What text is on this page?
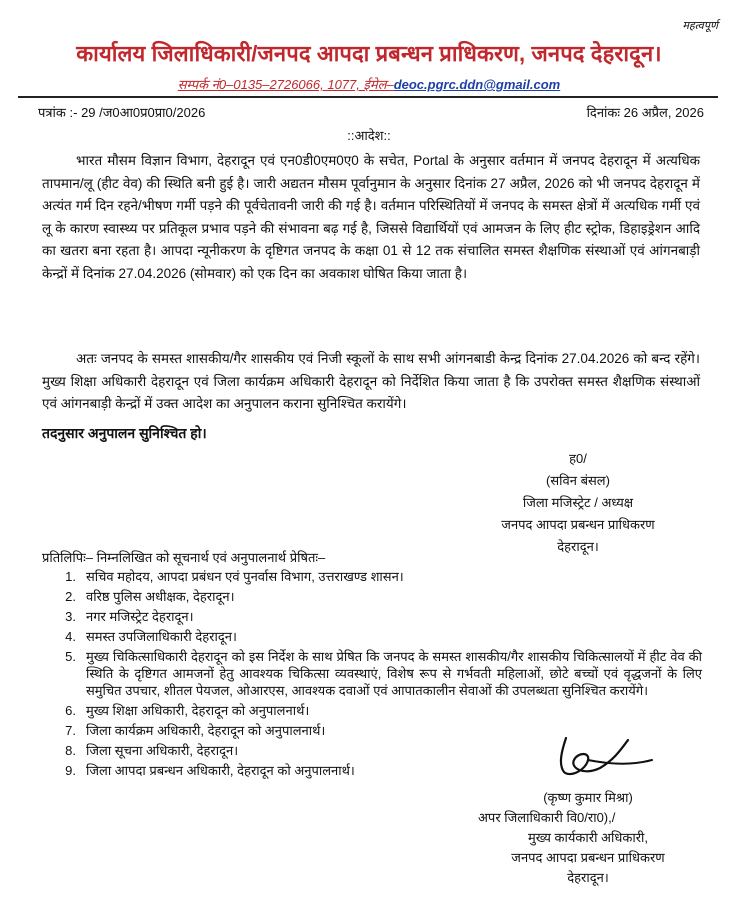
महत्वपूर्ण
कार्यालय जिलाधिकारी/जनपद आपदा प्रबन्धन प्राधिकरण, जनपद देहरादून।
सम्पर्क नं0–0135–2726066, 1077, ईमेल–deoc.pgrc.ddn@gmail.com
पत्रांक :- 29 /ज0आ0प्र0प्रा0/2026	दिनांकः 26 अप्रैल, 2026
::आदेश::

भारत मौसम विज्ञान विभाग, देहरादून एवं एन0डी0एम0ए0 के सचेत, Portal के अनुसार वर्तमान में जनपद देहरादून में अत्यधिक तापमान/लू (हीट वेव) की स्थिति बनी हुई है। जारी अद्यतन मौसम पूर्वानुमान के अनुसार दिनांक 27 अप्रैल, 2026 को भी जनपद देहरादून में अत्यंत गर्म दिन रहने/भीषण गर्मी पड़ने की पूर्वचेतावनी जारी की गई है। वर्तमान परिस्थितियों में जनपद के समस्त क्षेत्रों में अत्यधिक गर्मी एवं लू के कारण स्वास्थ्य पर प्रतिकूल प्रभाव पड़ने की संभावना बढ़ गई है, जिससे विद्यार्थियों एवं आमजन के लिए हीट स्ट्रोक, डिहाइड्रेशन आदि का खतरा बना रहता है। आपदा न्यूनीकरण के दृष्टिगत जनपद के कक्षा 01 से 12 तक संचालित समस्त शैक्षणिक संस्थाओं एवं आंगनबाड़ी केन्द्रों में दिनांक 27.04.2026 (सोमवार) को एक दिन का अवकाश घोषित किया जाता है।

अतः जनपद के समस्त शासकीय/गैर शासकीय एवं निजी स्कूलों के साथ सभी आंगनबाडी केन्द्र दिनांक 27.04.2026 को बन्द रहेंगे। मुख्य शिक्षा अधिकारी देहरादून एवं जिला कार्यक्रम अधिकारी देहरादून को निर्देशित किया जाता है कि उपरोक्त समस्त शैक्षणिक संस्थाओं एवं आंगनबाड़ी केन्द्रों में उक्त आदेश का अनुपालन कराना सुनिश्चित करायेंगे।

तदनुसार अनुपालन सुनिश्चित हो।
ह0/
(सविन बंसल)
जिला मजिस्ट्रेट / अध्यक्ष
जनपद आपदा प्रबन्धन प्राधिकरण
देहरादून।
प्रतिलिपिः– निम्नलिखित को सूचनार्थ एवं अनुपालनार्थ प्रेषितः–
1. सचिव महोदय, आपदा प्रबंधन एवं पुनर्वास विभाग, उत्तराखण्ड शासन।
2. वरिष्ठ पुलिस अधीक्षक, देहरादून।
3. नगर मजिस्ट्रेट देहरादून।
4. समस्त उपजिलाधिकारी देहरादून।
5. मुख्य चिकित्साधिकारी देहरादून को इस निर्देश के साथ प्रेषित कि जनपद के समस्त शासकीय/गैर शासकीय चिकित्सालयों में हीट वेव की स्थिति के दृष्टिगत आमजनों हेतु आवश्यक चिकित्सा व्यवस्थाएं, विशेष रूप से गर्भवती महिलाओं, छोटे बच्चों एवं वृद्धजनों के लिए समुचित उपचार, शीतल पेयजल, ओआरएस, आवश्यक दवाओं एवं आपातकालीन सेवाओं की उपलब्धता सुनिश्चित करायेंगे।
6. मुख्य शिक्षा अधिकारी, देहरादून को अनुपालनार्थ।
7. जिला कार्यक्रम अधिकारी, देहरादून को अनुपालनार्थ।
8. जिला सूचना अधिकारी, देहरादून।
9. जिला आपदा प्रबन्धन अधिकारी, देहरादून को अनुपालनार्थ।
(कृष्ण कुमार मिश्रा)
अपर जिलाधिकारी वि0/रा0),/
मुख्य कार्यकारी अधिकारी,
जनपद आपदा प्रबन्धन प्राधिकरण
देहरादून।
